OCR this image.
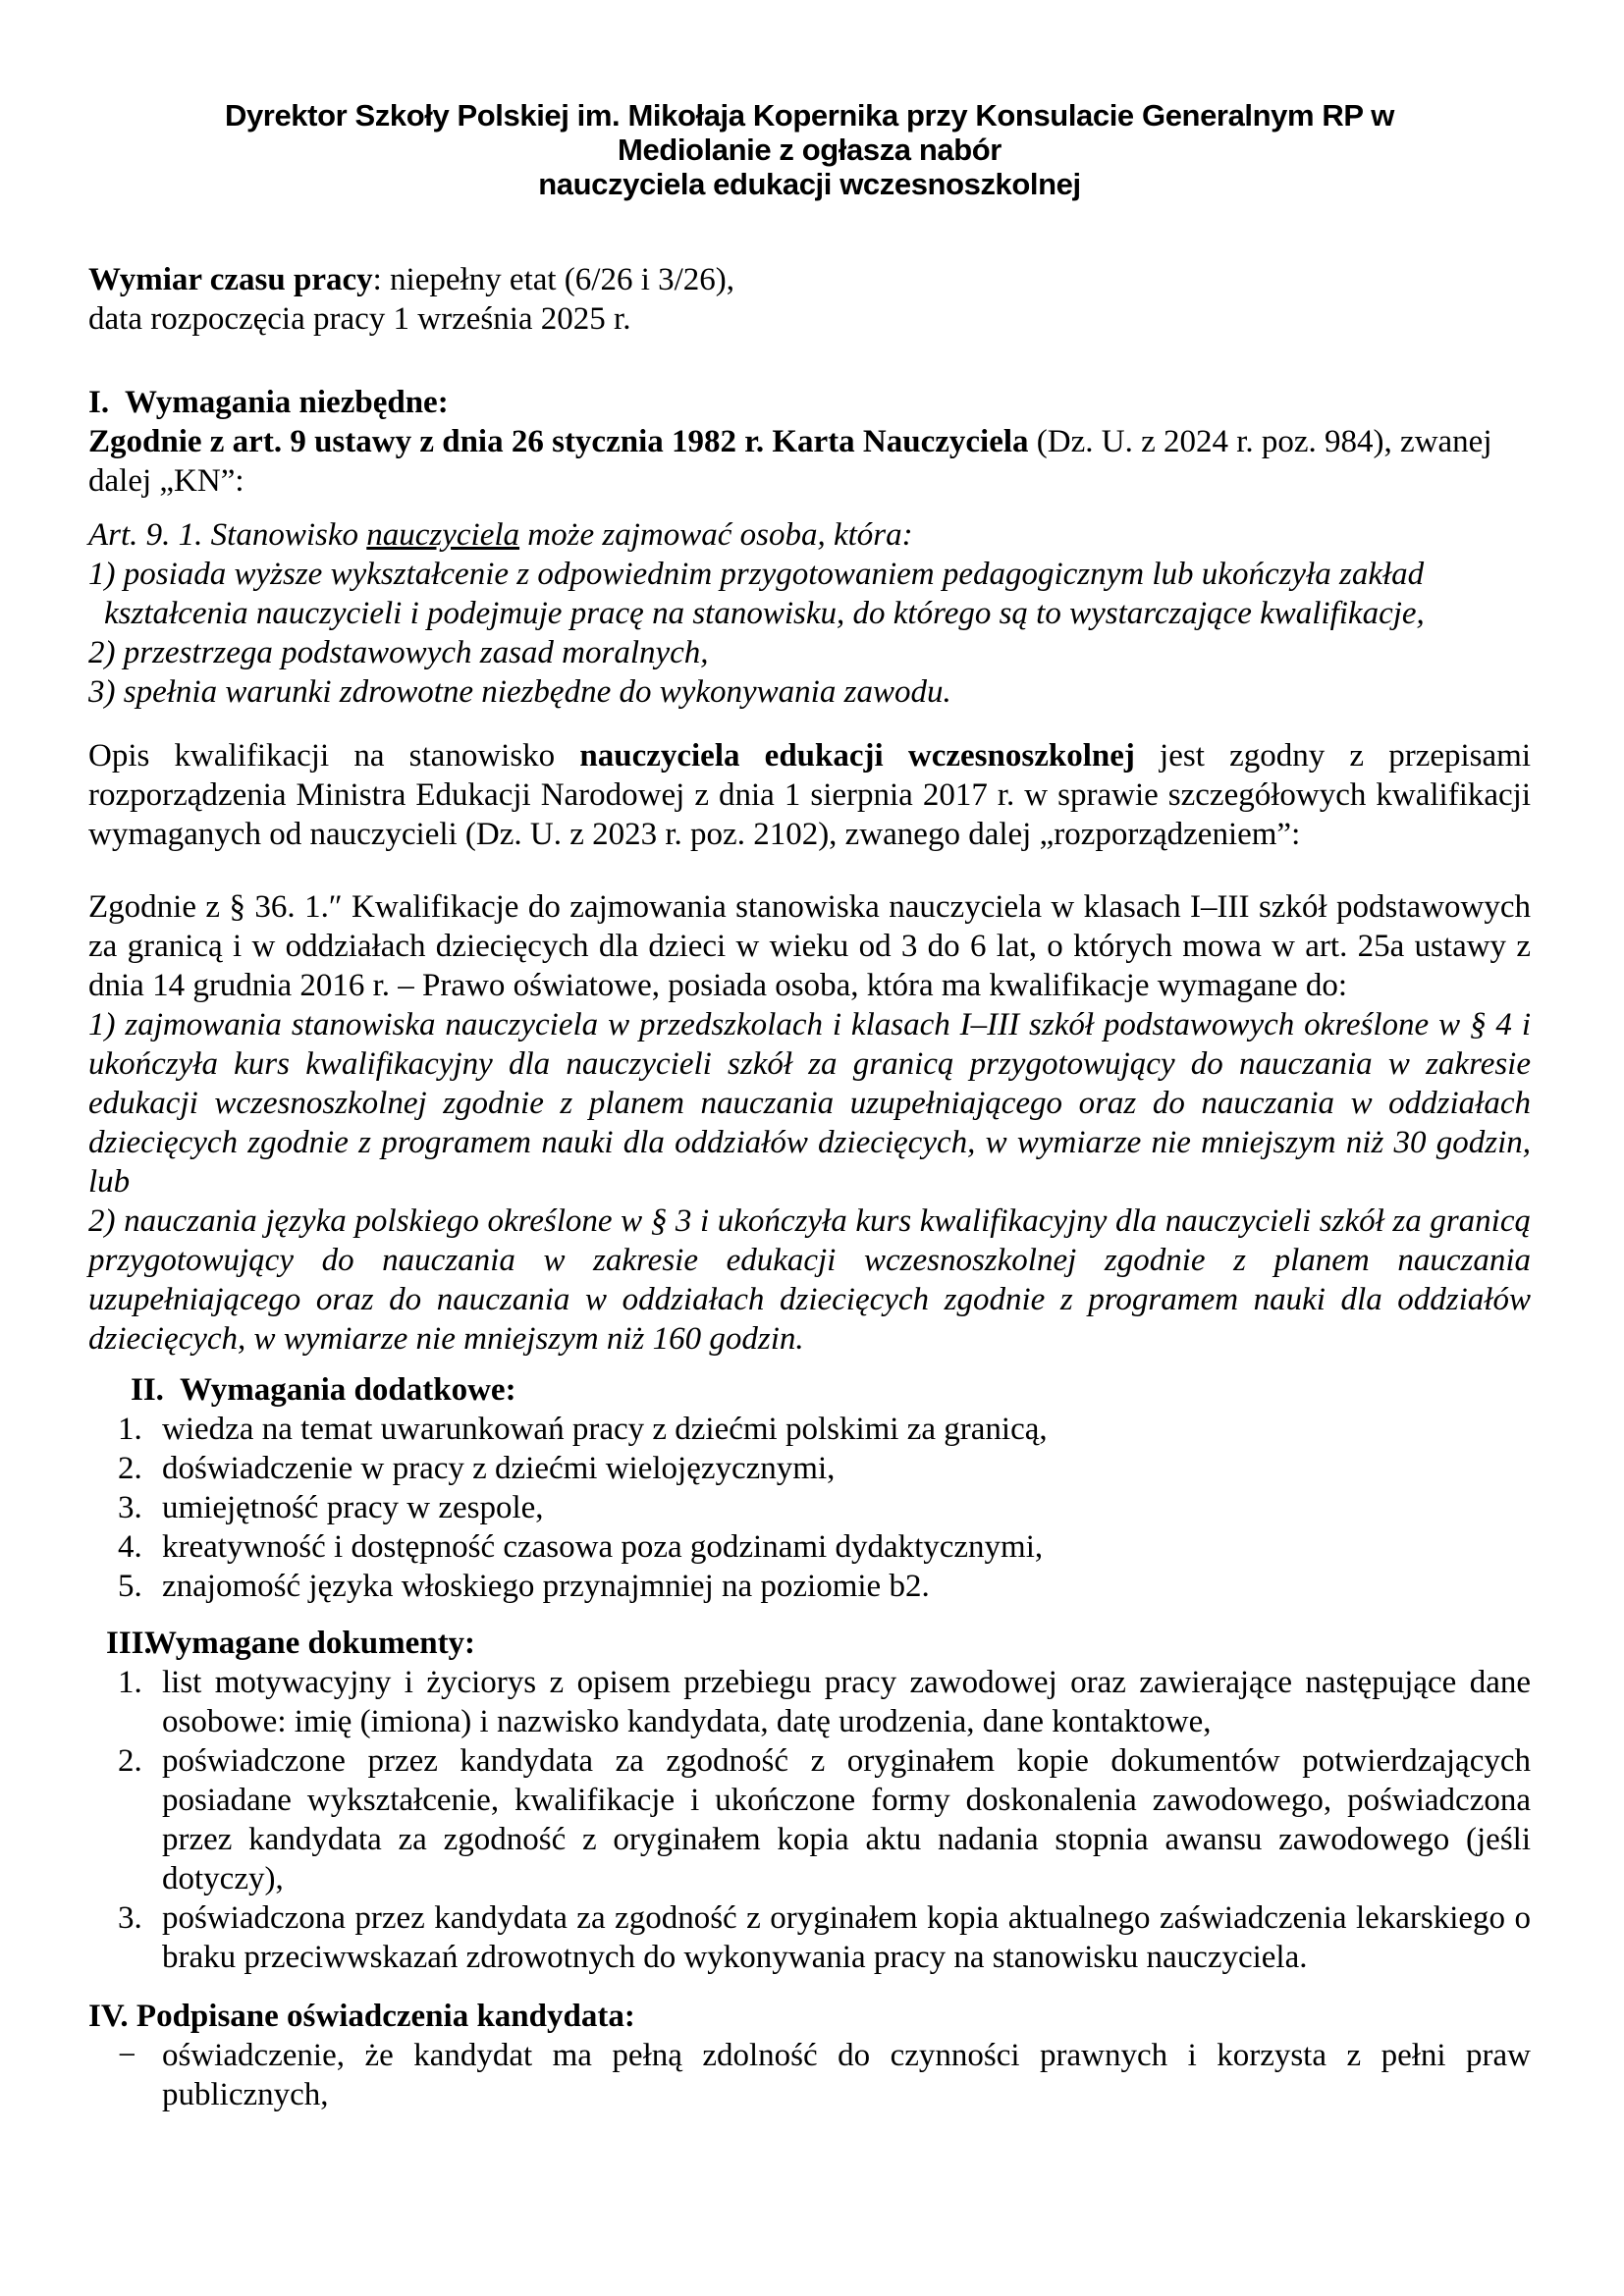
Dyrektor Szkoły Polskiej im. Mikołaja Kopernika przy Konsulacie Generalnym RP w
Mediolanie z ogłasza nabór
nauczyciela edukacji wczesnoszkolnej
Wymiar czasu pracy: niepełny etat (6/26 i 3/26),
data rozpoczęcia pracy 1 września 2025 r.
I. Wymagania niezbędne:
Zgodnie z art. 9 ustawy z dnia 26 stycznia 1982 r. Karta Nauczyciela (Dz. U. z 2024 r. poz. 984), zwanej dalej „KN”:
Art. 9. 1. Stanowisko nauczyciela może zajmować osoba, która:
1) posiada wyższe wykształcenie z odpowiednim przygotowaniem pedagogicznym lub ukończyła zakład kształcenia nauczycieli i podejmuje pracę na stanowisku, do którego są to wystarczające kwalifikacje,
2) przestrzega podstawowych zasad moralnych,
3) spełnia warunki zdrowotne niezbędne do wykonywania zawodu.
Opis kwalifikacji na stanowisko nauczyciela edukacji wczesnoszkolnej jest zgodny z przepisami rozporządzenia Ministra Edukacji Narodowej z dnia 1 sierpnia 2017 r. w sprawie szczegółowych kwalifikacji wymaganych od nauczycieli (Dz. U. z 2023 r. poz. 2102), zwanego dalej „rozporządzeniem”:
Zgodnie z § 36. 1.″ Kwalifikacje do zajmowania stanowiska nauczyciela w klasach I–III szkół podstawowych za granicą i w oddziałach dziecięcych dla dzieci w wieku od 3 do 6 lat, o których mowa w art. 25a ustawy z dnia 14 grudnia 2016 r. – Prawo oświatowe, posiada osoba, która ma kwalifikacje wymagane do:
1) zajmowania stanowiska nauczyciela w przedszkolach i klasach I–III szkół podstawowych określone w § 4 i ukończyła kurs kwalifikacyjny dla nauczycieli szkół za granicą przygotowujący do nauczania w zakresie edukacji wczesnoszkolnej zgodnie z planem nauczania uzupełniającego oraz do nauczania w oddziałach dziecięcych zgodnie z programem nauki dla oddziałów dziecięcych, w wymiarze nie mniejszym niż 30 godzin, lub
2) nauczania języka polskiego określone w § 3 i ukończyła kurs kwalifikacyjny dla nauczycieli szkół za granicą przygotowujący do nauczania w zakresie edukacji wczesnoszkolnej zgodnie z planem nauczania uzupełniającego oraz do nauczania w oddziałach dziecięcych zgodnie z programem nauki dla oddziałów dziecięcych, w wymiarze nie mniejszym niż 160 godzin.
II. Wymagania dodatkowe:
1. wiedza na temat uwarunkowań pracy z dziećmi polskimi za granicą,
2. doświadczenie w pracy z dziećmi wielojęzycznymi,
3. umiejętność pracy w zespole,
4. kreatywność i dostępność czasowa poza godzinami dydaktycznymi,
5. znajomość języka włoskiego przynajmniej na poziomie b2.
III.Wymagane dokumenty:
1. list motywacyjny i życiorys z opisem przebiegu pracy zawodowej oraz zawierające następujące dane osobowe: imię (imiona) i nazwisko kandydata, datę urodzenia, dane kontaktowe,
2. poświadczone przez kandydata za zgodność z oryginałem kopie dokumentów potwierdzających posiadane wykształcenie, kwalifikacje i ukończone formy doskonalenia zawodowego, poświadczona przez kandydata za zgodność z oryginałem kopia aktu nadania stopnia awansu zawodowego (jeśli dotyczy),
3. poświadczona przez kandydata za zgodność z oryginałem kopia aktualnego zaświadczenia lekarskiego o braku przeciwwskazań zdrowotnych do wykonywania pracy na stanowisku nauczyciela.
IV. Podpisane oświadczenia kandydata:
− oświadczenie, że kandydat ma pełną zdolność do czynności prawnych i korzysta z pełni praw publicznych,
